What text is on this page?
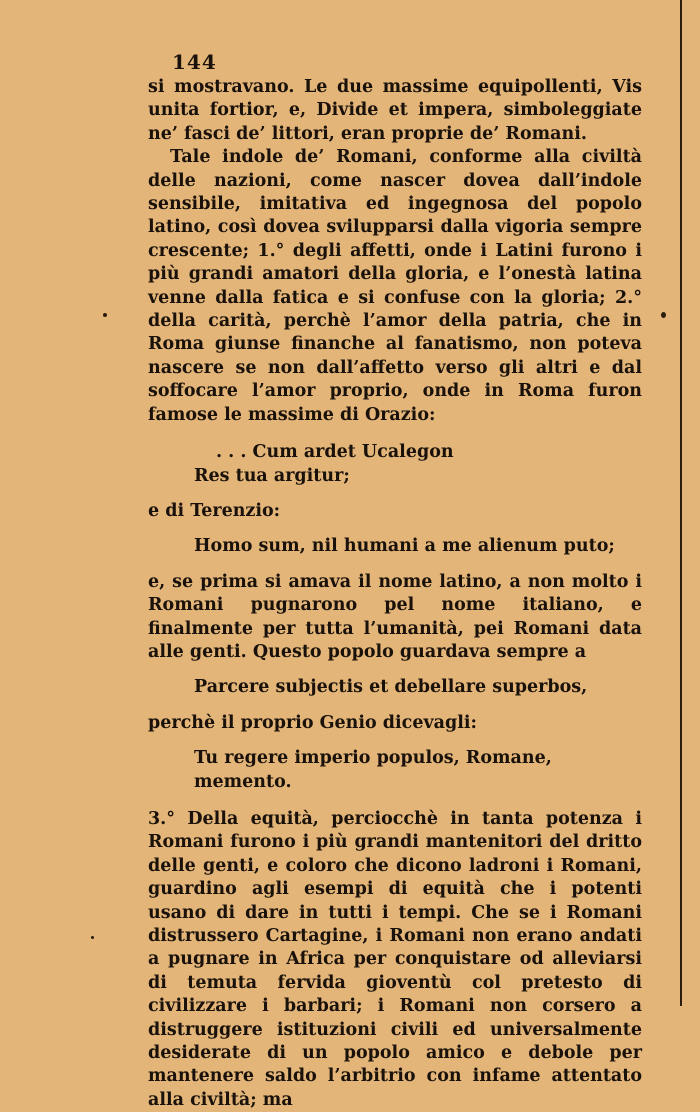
144

si mostravano. Le due massime equipollenti, Vis unita fortior, e, Divide et impera, simboleggiate ne’ fasci de’ littori, eran proprie de’ Romani.

Tale indole de’ Romani, conforme alla civiltà delle nazioni, come nascer dovea dall’indole sensibile, imitativa ed ingegnosa del popolo latino, così dovea svilupparsi dalla vigoria sempre crescente; 1.° degli affetti, onde i Latini furono i più grandi amatori della gloria, e l’onestà latina venne dalla fatica e si confuse con la gloria; 2.° della carità, perchè l’amor della patria, che in Roma giunse finanche al fanatismo, non poteva nascere se non dall’affetto verso gli altri e dal soffocare l’amor proprio, onde in Roma furon famose le massime di Orazio:

. . . Cum ardet Ucalegon

Res tua argitur;

e di Terenzio:

Homo sum, nil humani a me alienum puto;

e, se prima si amava il nome latino, a non molto i Romani pugnarono pel nome italiano, e finalmente per tutta l’umanità, pei Romani data alle genti. Questo popolo guardava sempre a

Parcere subjectis et debellare superbos,

perchè il proprio Genio dicevagli:

Tu regere imperio populos, Romane, memento.

3.° Della equità, perciocchè in tanta potenza i Romani furono i più grandi mantenitori del dritto delle genti, e coloro che dicono ladroni i Romani, guardino agli esempi di equità che i potenti usano di dare in tutti i tempi. Che se i Romani distrussero Cartagine, i Romani non erano andati a pugnare in Africa per conquistare od alleviarsi di temuta fervida gioventù col pretesto di civilizzare i barbari; i Romani non corsero a distruggere istituzioni civili ed universalmente desiderate di un popolo amico e debole per mantenere saldo l’arbitrio con infame attentato alla civiltà; ma
